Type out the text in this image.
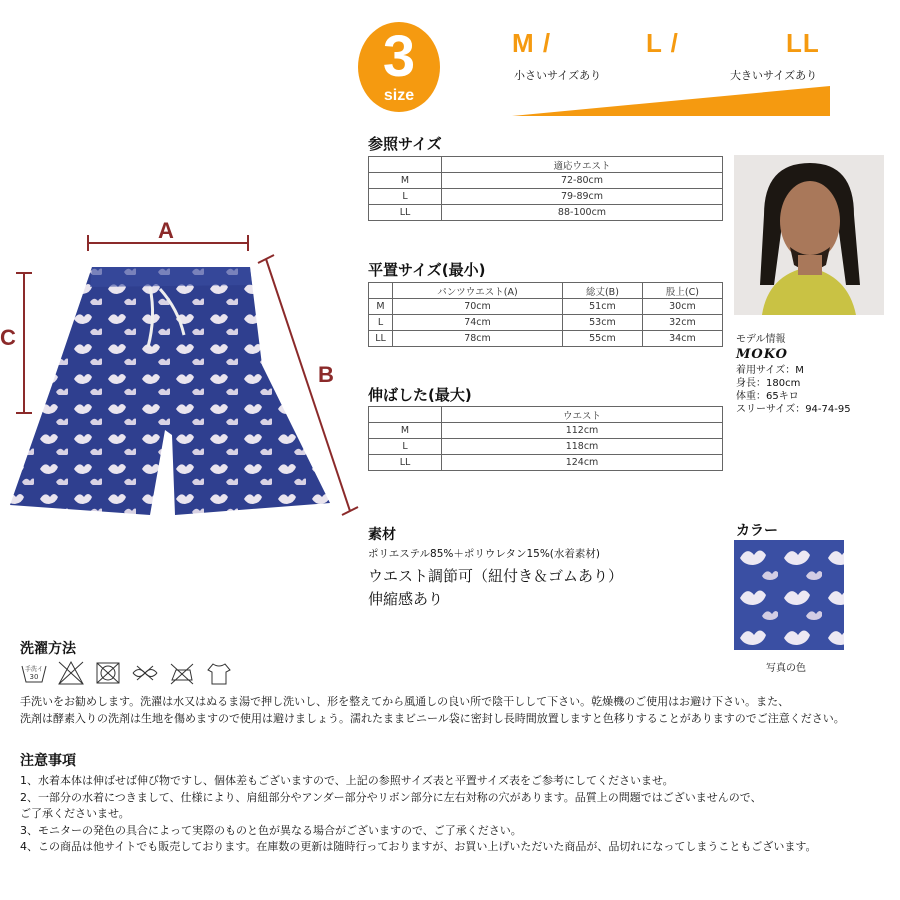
3
size
M /	L /	LL
小さいサイズあり	大きいサイズあり
A
C
B
参照サイズ
	適応ウエスト
M	72-80cm
L	79-89cm
LL	88-100cm
平置サイズ(最小)
	パンツウエスト(A)	総丈(B)	股上(C)
M	70cm	51cm	30cm
L	74cm	53cm	32cm
LL	78cm	55cm	34cm
伸ばした(最大)
	ウエスト
M	112cm
L	118cm
LL	124cm
モデル情報
MOKO
着用サイズ：M
身長：180cm
体重：65キロ
スリーサイズ：94-74-95
素材
ポリエステル85%＋ポリウレタン15%(水着素材)
ウエスト調節可（紐付き＆ゴムあり）
伸縮感あり
カラー
写真の色
洗濯方法
手洗イ
30

手洗いをお勧めします。洗濯は水又はぬるま湯で押し洗いし、形を整えてから風通しの良い所で陰干しして下さい。乾燥機のご使用はお避け下さい。また、
洗剤は酵素入りの洗剤は生地を傷めますので使用は避けましょう。濡れたままビニール袋に密封し長時間放置しますと色移りすることがありますのでご注意ください。
注意事項
1、水着本体は伸ばせば伸び物ですし、個体差もございますので、上記の参照サイズ表と平置サイズ表をご参考にしてくださいませ。
2、一部分の水着につきまして、仕様により、肩紐部分やアンダー部分やリボン部分に左右対称の穴があります。品質上の問題ではございませんので、
ご了承くださいませ。
3、モニターの発色の具合によって実際のものと色が異なる場合がございますので、ご了承ください。
4、この商品は他サイトでも販売しております。在庫数の更新は随時行っておりますが、お買い上げいただいた商品が、品切れになってしまうこともございます。
